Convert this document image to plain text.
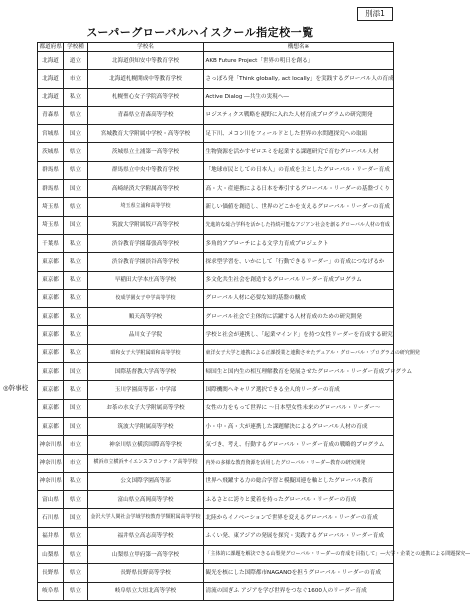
別添1
スーパーグローバルハイスクール指定校一覧
◎幹事校
都道府県	学校種	学校名	構想名※
北海道	道立	北海道倶知安中等教育学校	AKB Future Project「世界の明日を創る」
北海道	市立	北海道札幌開成中等教育学校	さっぽろ発「Think globally, act locally」を実践するグローバル人の育成
北海道	私立	札幌聖心女子学院高等学校	Active Dialog ―共生の実現へ―
青森県	県立	青森県立青森高等学校	ロジスティクス戦略を視野に入れた人材育成プログラムの研究開発
宮城県	国立	宮城教育大学附属中学校・高等学校	足下川、メコン川をフィールドとした世界の水問題探究への取組
茨城県	県立	茨城県立土浦第一高等学校	生物資源を活かすゼロエミを起業する課題研究で育むグローバル人材
群馬県	県立	群馬県立中央中等教育学校	「地球市民としての日本人」の育成を主としたグローバル・リーダー育成
群馬県	国立	高崎経済大学附属高等学校	高・大・産連携による日本を牽引するグローバル・リーダーの基盤づくり
埼玉県	県立	埼玉県立浦和高等学校	新しい価値を創造し、世界のどこかを支えるグローバル・リーダーの育成
埼玉県	国立	筑波大学附属坂戸高等学校	先進的な総合学科を活かした持続可能なアジアン社会を創るグローバル人材の育成
千葉県	私立	渋谷教育学園幕張高等学校	多角的アプローチによる文学力育成プロジェクト
東京都	私立	渋谷教育学園渋谷高等学校	探求型学習を、いかにして「行動できるリーダー」の育成につなげるか
東京都	私立	早稲田大学本庄高等学校	多文化共生社会を創造するグローバルリーダー育成プログラム
東京都	私立	佼成学園女子中学高等学校	グローバル人材に必要な知的基盤の醸成
東京都	私立	順天高等学校	グローバル社会で主体的に活躍する人材育成のための研究開発
東京都	私立	品川女子学院	学校と社会が連携し、「起業マインド」を持つ女性リーダーを育成する研究
東京都	私立	昭和女子大学附属昭和高等学校	東洋女子大学と連携による正課授業と連動させたデュアル・グローバル・プログラムの研究開発
東京都	国立	国際基督教大学高等学校	帰国生と国内生の相互理解教育を発展させたグローバル・リーダー育成プログラム
東京都	私立	玉川学園高等部・中学部	国際機関へキャリア選択できる全人的リーダーの育成
東京都	国立	お茶の水女子大学附属高等学校	女性の力をもって世界に ～日本型女性未来のグローバル・リーダー～
東京都	国立	筑波大学附属高等学校	小・中・高・大が連携した課題解決によるグローバル人材の育成
神奈川県	市立	神奈川県立横浜国際高等学校	気づき、考え、行動するグローバル・リーダー育成の戦略的プログラム
神奈川県	市立	横浜市立横浜サイエンスフロンティア高等学校	内外の多様な教育資源を活用したグローバル・リーダー教育の研究開発
神奈川県	私立	公文国際学園高等部	世界へ飛躍する力の総合学習と模擬国連を軸としたグローバル教育
富山県	県立	富山県立高岡高等学校	ふるさとに誇りと愛着を持ったグローバル・リーダーの育成
石川県	国立	金沢大学人間社会学域学校教育学類附属高等学校	北陸からイノベーションで世界を変えるグローバル・リーダーの育成
福井県	県立	福井県立高志高等学校	ふくい発、東アジアの発展を探究・実践するグローバル・リーダー育成
山梨県	県立	山梨県立甲府第一高等学校	「主体的に課題を解決できる山梨発グローバル・リーダーの育成を目指して」―大学・企業との連携による問題探究―
長野県	県立	長野県長野高等学校	観光を核にした国際都市NAGANOを担うグローバル・リーダーの育成
岐阜県	県立	岐阜県立大垣北高等学校	清流の国ぎふ アジアを学び世界をつなぐ1600人のリーダー育成
